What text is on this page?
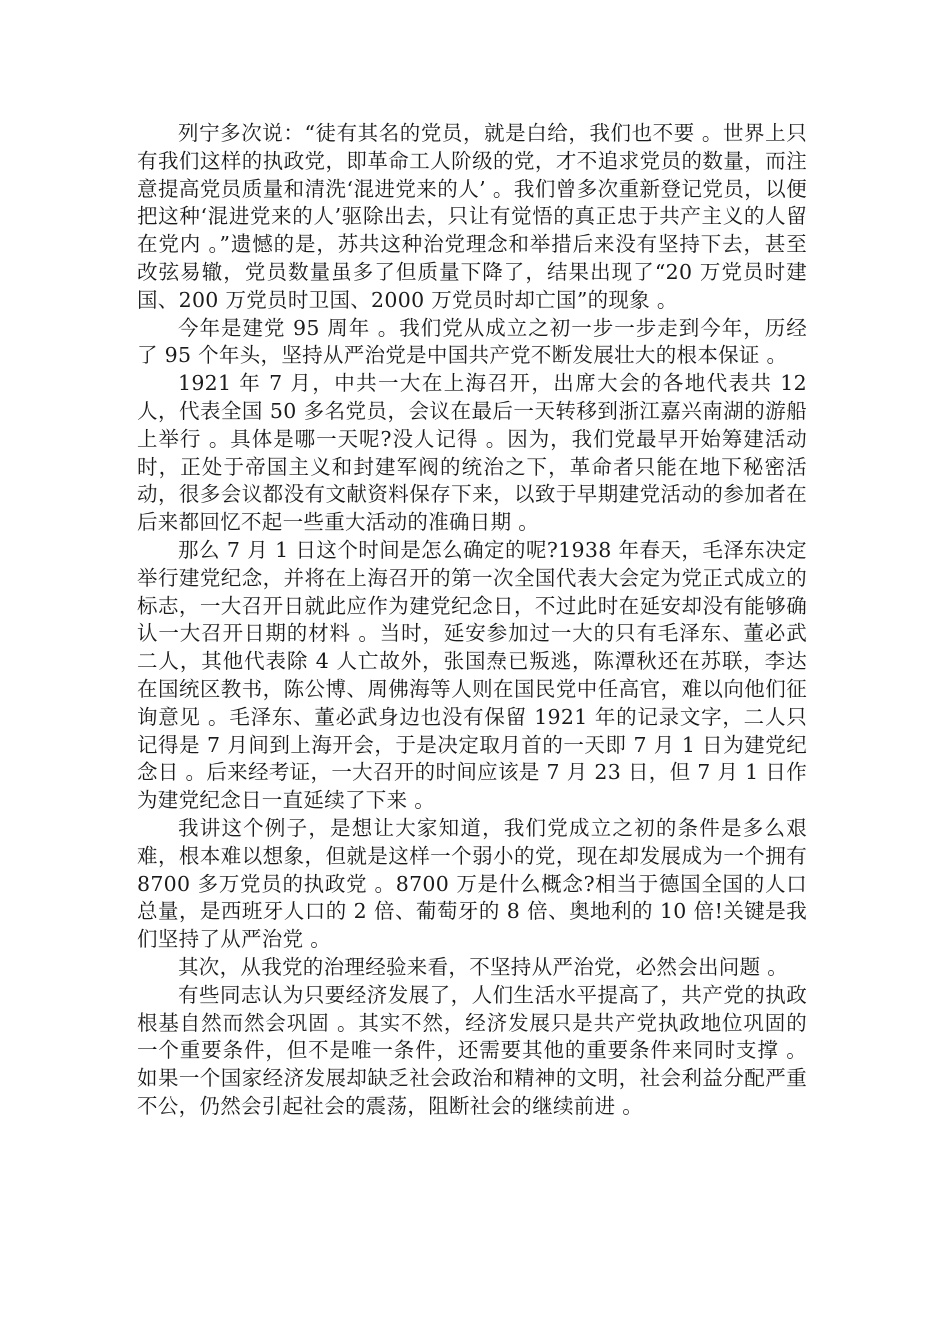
列宁多次说：“徒有其名的党员，就是白给，我们也不要 。世界上只有我们这样的执政党，即革命工人阶级的党，才不追求党员的数量，而注意提高党员质量和清洗‘混进党来的人’ 。我们曾多次重新登记党员，以便把这种‘混进党来的人’驱除出去，只让有觉悟的真正忠于共产主义的人留在党内 。”遗憾的是，苏共这种治党理念和举措后来没有坚持下去，甚至改弦易辙，党员数量虽多了但质量下降了，结果出现了“20 万党员时建国、200 万党员时卫国、2000 万党员时却亡国”的现象 。

今年是建党 95 周年 。我们党从成立之初一步一步走到今年，历经了 95 个年头，坚持从严治党是中国共产党不断发展壮大的根本保证 。

1921 年 7 月，中共一大在上海召开，出席大会的各地代表共 12 人，代表全国 50 多名党员，会议在最后一天转移到浙江嘉兴南湖的游船上举行 。具体是哪一天呢?没人记得 。因为，我们党最早开始筹建活动时，正处于帝国主义和封建军阀的统治之下，革命者只能在地下秘密活动，很多会议都没有文献资料保存下来，以致于早期建党活动的参加者在后来都回忆不起一些重大活动的准确日期 。

那么 7 月 1 日这个时间是怎么确定的呢?1938 年春天，毛泽东决定举行建党纪念，并将在上海召开的第一次全国代表大会定为党正式成立的标志，一大召开日就此应作为建党纪念日，不过此时在延安却没有能够确认一大召开日期的材料 。当时，延安参加过一大的只有毛泽东、董必武二人，其他代表除 4 人亡故外，张国焘已叛逃，陈潭秋还在苏联，李达在国统区教书，陈公博、周佛海等人则在国民党中任高官，难以向他们征询意见 。毛泽东、董必武身边也没有保留 1921 年的记录文字，二人只记得是 7 月间到上海开会，于是决定取月首的一天即 7 月 1 日为建党纪念日 。后来经考证，一大召开的时间应该是 7 月 23 日，但 7 月 1 日作为建党纪念日一直延续了下来 。

我讲这个例子，是想让大家知道，我们党成立之初的条件是多么艰难，根本难以想象，但就是这样一个弱小的党，现在却发展成为一个拥有 8700 多万党员的执政党 。8700 万是什么概念?相当于德国全国的人口总量，是西班牙人口的 2 倍、葡萄牙的 8 倍、奥地利的 10 倍!关键是我们坚持了从严治党 。

其次，从我党的治理经验来看，不坚持从严治党，必然会出问题 。

有些同志认为只要经济发展了，人们生活水平提高了，共产党的执政根基自然而然会巩固 。其实不然，经济发展只是共产党执政地位巩固的一个重要条件，但不是唯一条件，还需要其他的重要条件来同时支撑 。如果一个国家经济发展却缺乏社会政治和精神的文明，社会利益分配严重不公，仍然会引起社会的震荡，阻断社会的继续前进 。
